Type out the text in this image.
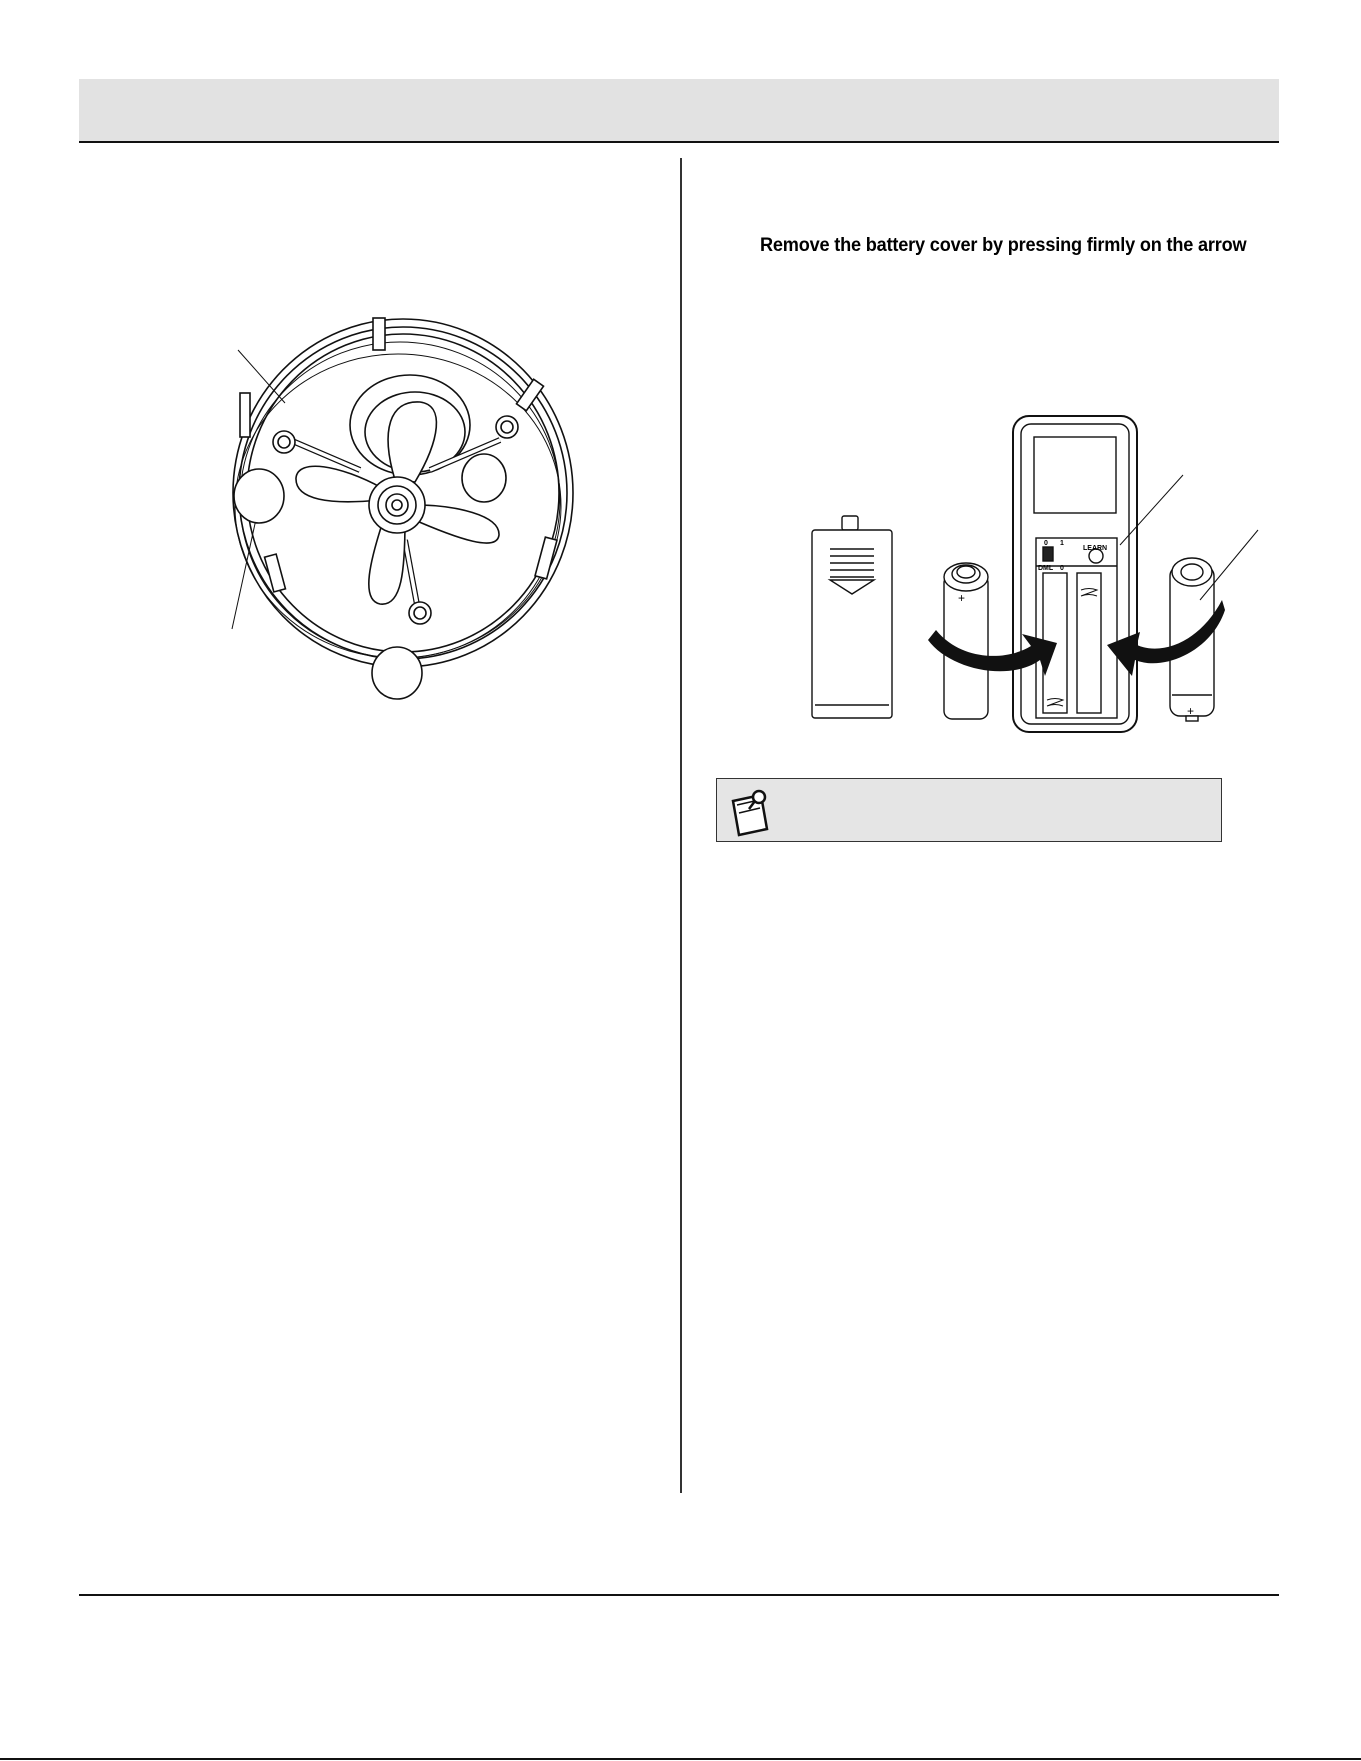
Remove the battery cover by pressing firmly on the arrow
+
+
LEARN
0 1
DML 0
